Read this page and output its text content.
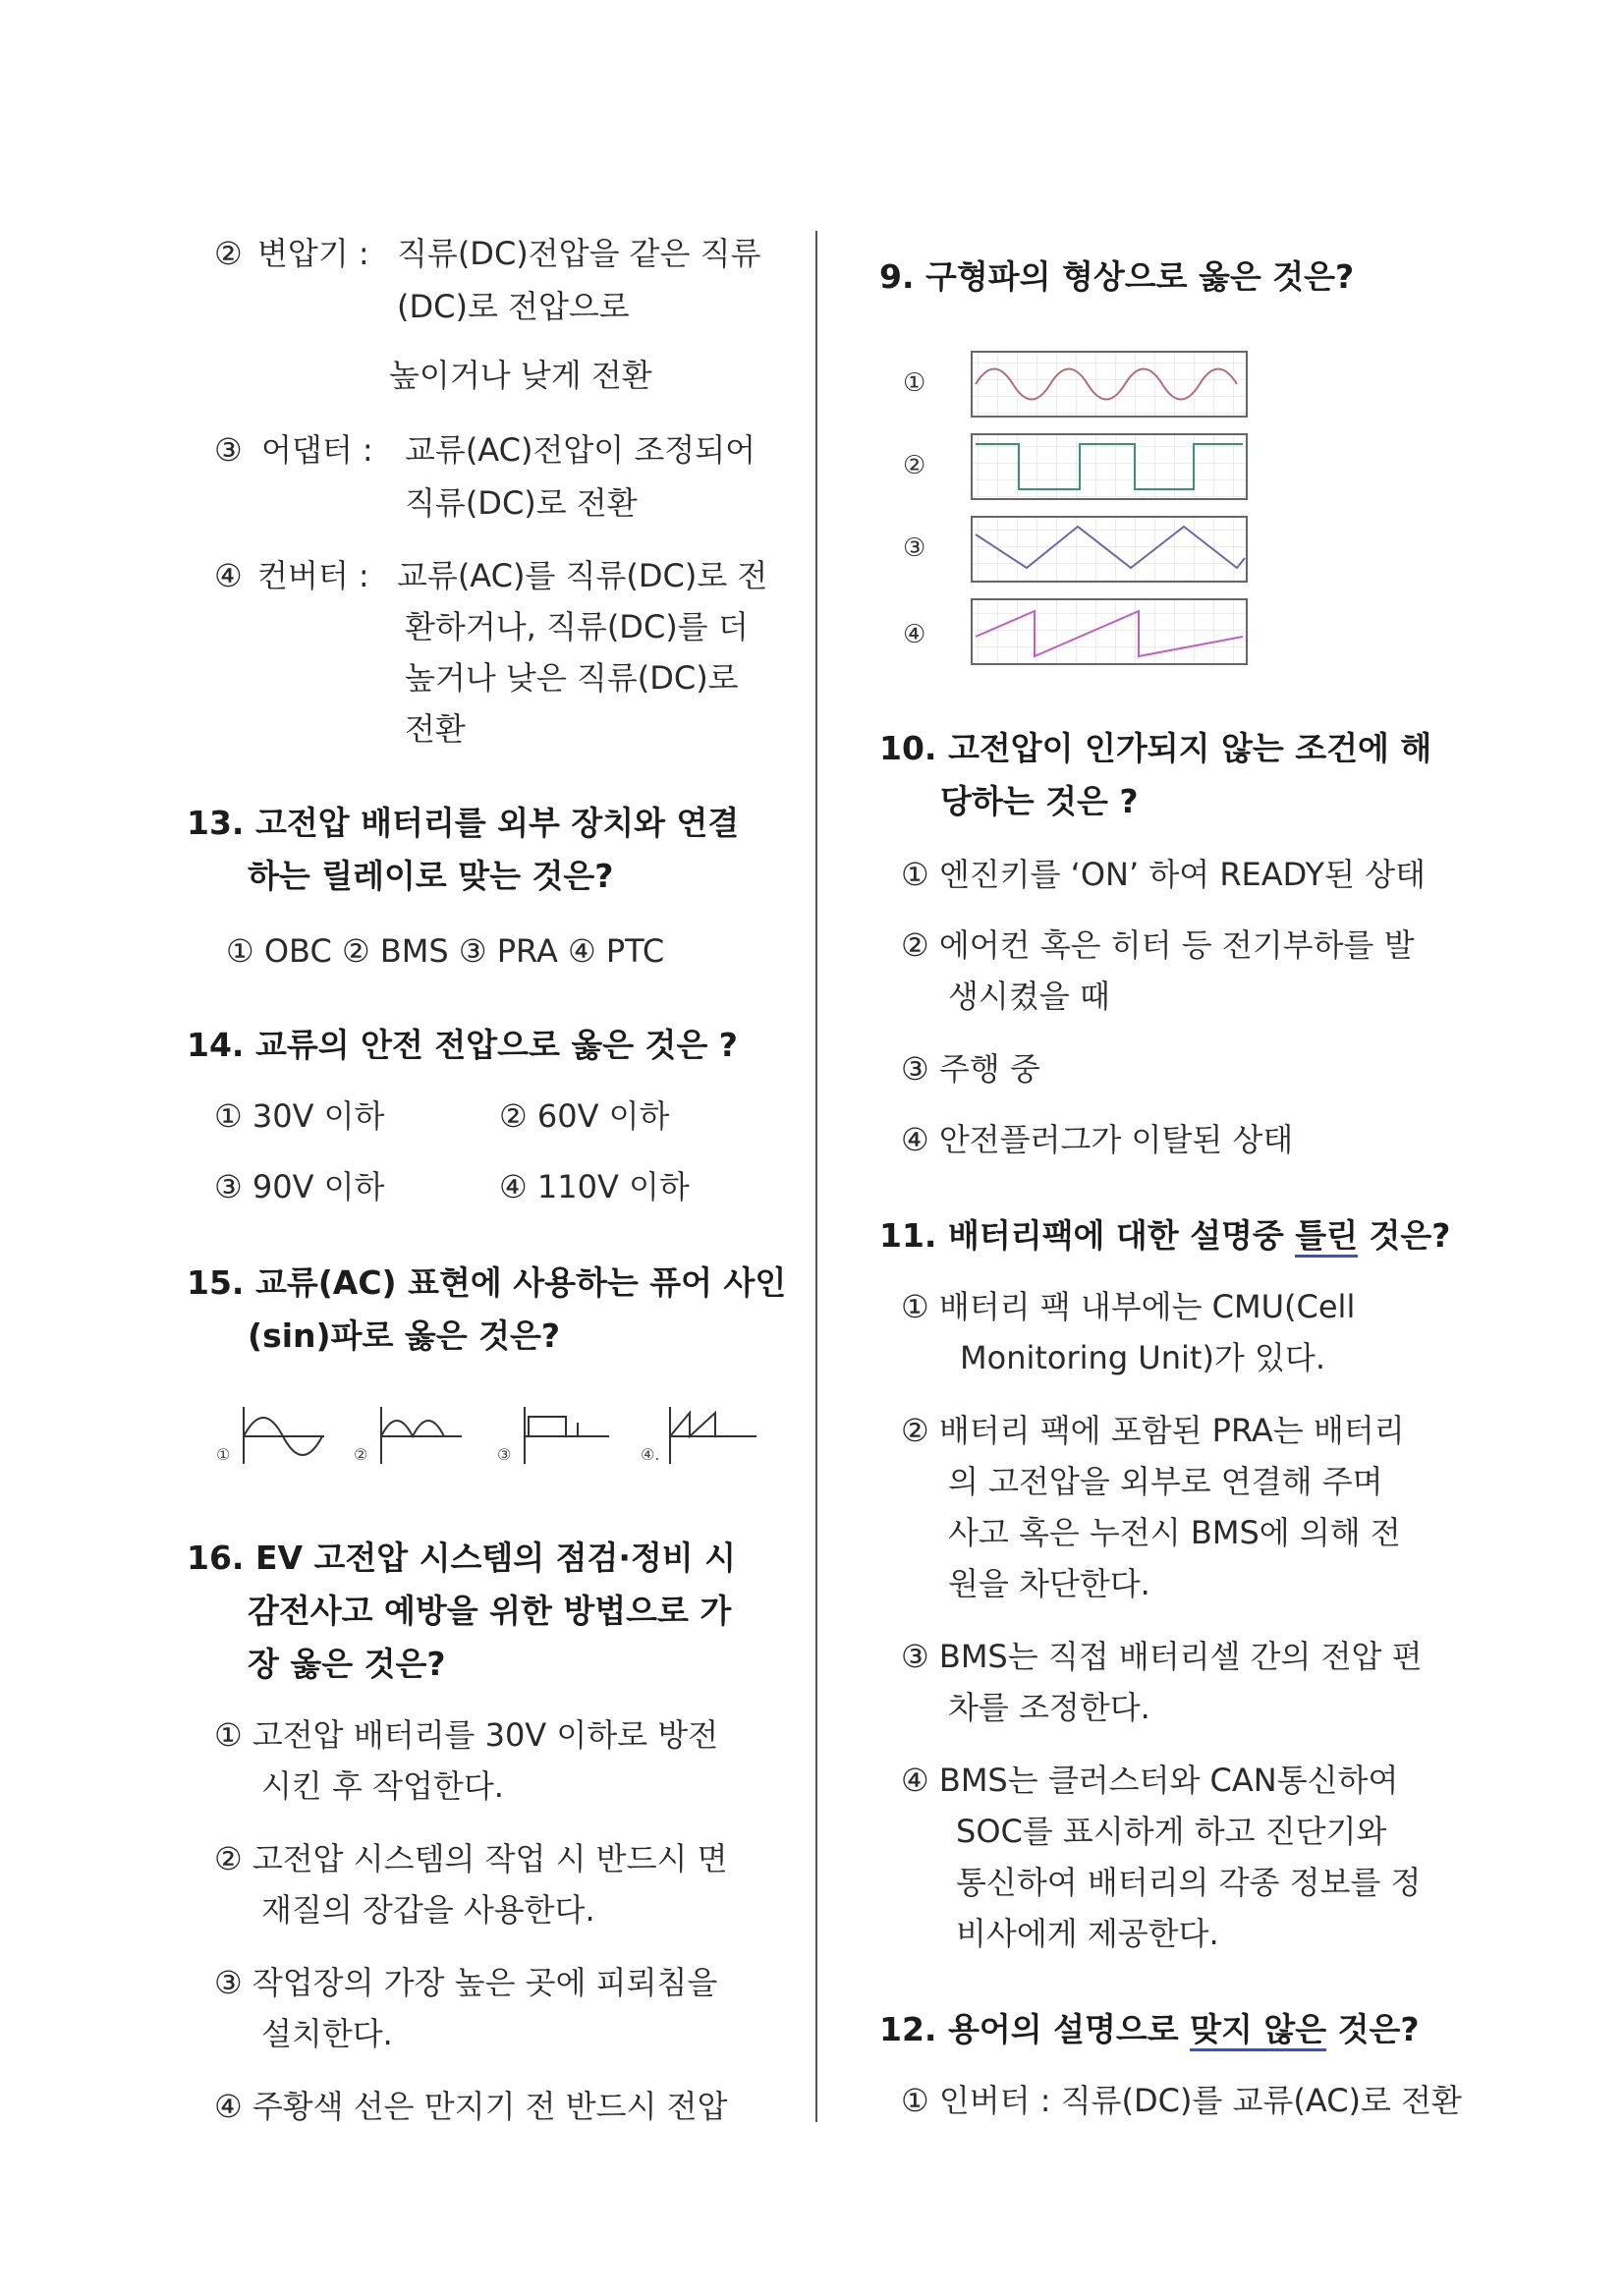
② 변압기 : 직류(DC)전압을 같은 직류
(DC)로 전압으로
높이거나 낮게 전환
③ 어댑터 : 교류(AC)전압이 조정되어
직류(DC)로 전환
④ 컨버터 : 교류(AC)를 직류(DC)로 전
환하거나, 직류(DC)를 더
높거나 낮은 직류(DC)로
전환
13. 고전압 배터리를 외부 장치와 연결
하는 릴레이로 맞는 것은?
① OBC ② BMS ③ PRA ④ PTC
14. 교류의 안전 전압으로 옳은 것은 ?
① 30V 이하	② 60V 이하
③ 90V 이하	④ 110V 이하
15. 교류(AC) 표현에 사용하는 퓨어 사인
(sin)파로 옳은 것은?
①	②	③	④.
16. EV 고전압 시스템의 점검·정비 시
감전사고 예방을 위한 방법으로 가
장 옳은 것은?
① 고전압 배터리를 30V 이하로 방전
시킨 후 작업한다.
② 고전압 시스템의 작업 시 반드시 면
재질의 장갑을 사용한다.
③ 작업장의 가장 높은 곳에 피뢰침을
설치한다.
④ 주황색 선은 만지기 전 반드시 전압
9. 구형파의 형상으로 옳은 것은?
①
②
③
④
10. 고전압이 인가되지 않는 조건에 해
당하는 것은 ?
① 엔진키를 ‘ON’ 하여 READY된 상태
② 에어컨 혹은 히터 등 전기부하를 발
생시켰을 때
③ 주행 중
④ 안전플러그가 이탈된 상태
11. 배터리팩에 대한 설명중 틀린 것은?
① 배터리 팩 내부에는 CMU(Cell
Monitoring Unit)가 있다.
② 배터리 팩에 포함된 PRA는 배터리
의 고전압을 외부로 연결해 주며
사고 혹은 누전시 BMS에 의해 전
원을 차단한다.
③ BMS는 직접 배터리셀 간의 전압 편
차를 조정한다.
④ BMS는 클러스터와 CAN통신하여
SOC를 표시하게 하고 진단기와
통신하여 배터리의 각종 정보를 정
비사에게 제공한다.
12. 용어의 설명으로 맞지 않은 것은?
① 인버터 : 직류(DC)를 교류(AC)로 전환
